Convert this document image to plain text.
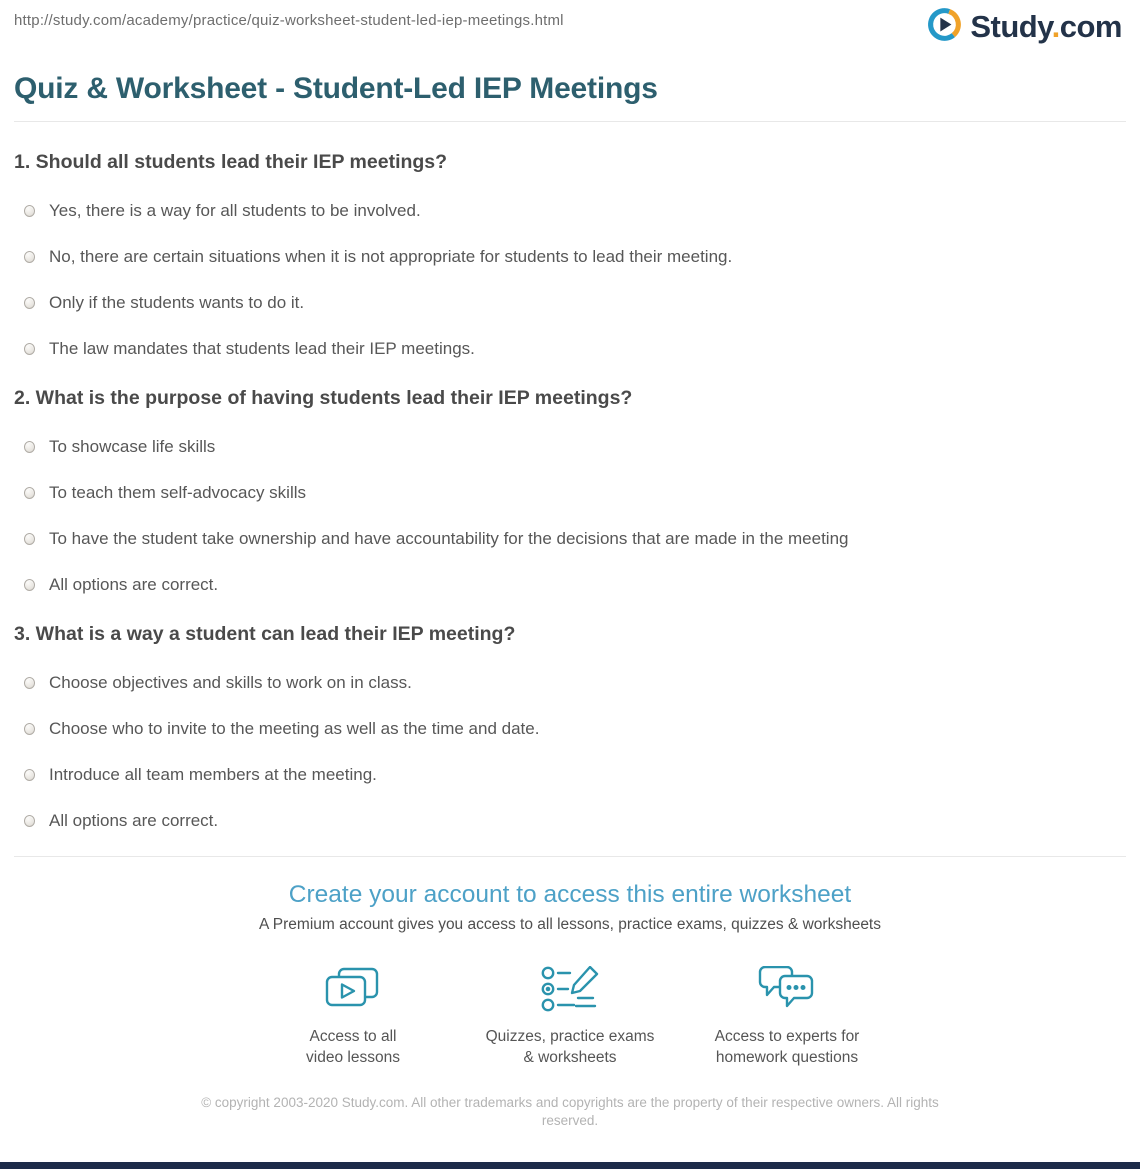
http://study.com/academy/practice/quiz-worksheet-student-led-iep-meetings.html	Study.com
Quiz & Worksheet - Student-Led IEP Meetings
1. Should all students lead their IEP meetings?
Yes, there is a way for all students to be involved.
No, there are certain situations when it is not appropriate for students to lead their meeting.
Only if the students wants to do it.
The law mandates that students lead their IEP meetings.
2. What is the purpose of having students lead their IEP meetings?
To showcase life skills
To teach them self-advocacy skills
To have the student take ownership and have accountability for the decisions that are made in the meeting
All options are correct.
3. What is a way a student can lead their IEP meeting?
Choose objectives and skills to work on in class.
Choose who to invite to the meeting as well as the time and date.
Introduce all team members at the meeting.
All options are correct.
Create your account to access this entire worksheet
A Premium account gives you access to all lessons, practice exams, quizzes & worksheets
Access to all
video lessons
Quizzes, practice exams
& worksheets
Access to experts for
homework questions
© copyright 2003-2020 Study.com. All other trademarks and copyrights are the property of their respective owners. All rights reserved.
